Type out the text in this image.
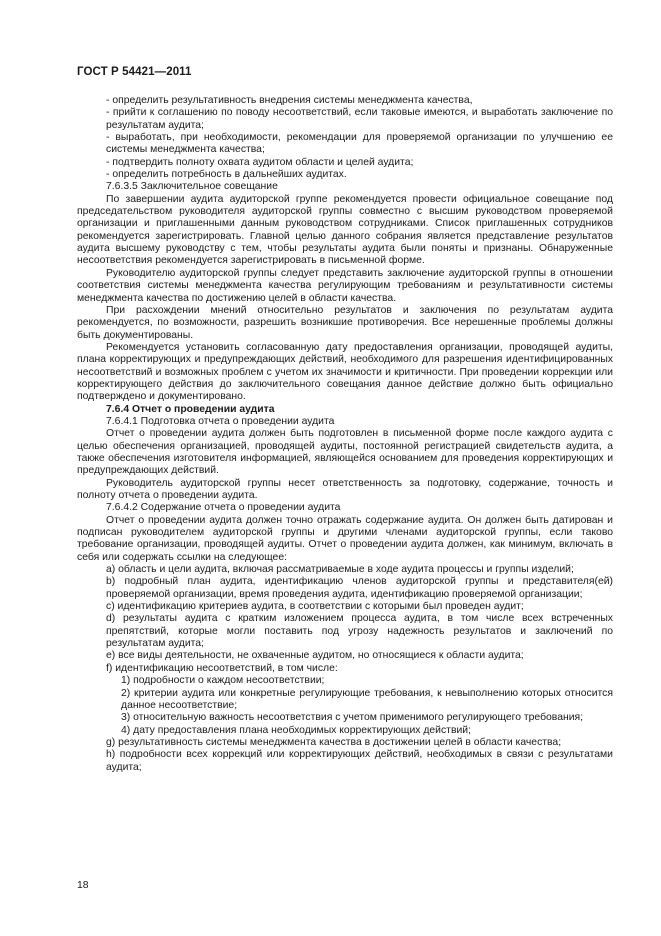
ГОСТ Р 54421—2011

- определить результативность внедрения системы менеджмента качества,

- прийти к соглашению по поводу несоответствий, если таковые имеются, и выработать заключение по результатам аудита;

- выработать, при необходимости, рекомендации для проверяемой организации по улучшению ее системы менеджмента качества;

- подтвердить полноту охвата аудитом области и целей аудита;

- определить потребность в дальнейших аудитах.

7.6.3.5 Заключительное совещание

По завершении аудита аудиторской группе рекомендуется провести официальное совещание под председательством руководителя аудиторской группы совместно с высшим руководством проверяемой организации и приглашенными данным руководством сотрудниками. Список приглашенных сотрудников рекомендуется зарегистрировать. Главной целью данного собрания является представление результатов аудита высшему руководству с тем, чтобы результаты аудита были поняты и признаны. Обнаруженные несоответствия рекомендуется зарегистрировать в письменной форме.

Руководителю аудиторской группы следует представить заключение аудиторской группы в отношении соответствия системы менеджмента качества регулирующим требованиям и результативности системы менеджмента качества по достижению целей в области качества.

При расхождении мнений относительно результатов и заключения по результатам аудита рекомендуется, по возможности, разрешить возникшие противоречия. Все нерешенные проблемы должны быть документированы.

Рекомендуется установить согласованную дату предоставления организации, проводящей аудиты, плана корректирующих и предупреждающих действий, необходимого для разрешения идентифицированных несоответствий и возможных проблем с учетом их значимости и критичности. При проведении коррекции или корректирующего действия до заключительного совещания данное действие должно быть официально подтверждено и документировано.

7.6.4 Отчет о проведении аудита

7.6.4.1 Подготовка отчета о проведении аудита

Отчет о проведении аудита должен быть подготовлен в письменной форме после каждого аудита с целью обеспечения организацией, проводящей аудиты, постоянной регистрацией свидетельств аудита, а также обеспечения изготовителя информацией, являющейся основанием для проведения корректирующих и предупреждающих действий.

Руководитель аудиторской группы несет ответственность за подготовку, содержание, точность и полноту отчета о проведении аудита.

7.6.4.2 Содержание отчета о проведении аудита

Отчет о проведении аудита должен точно отражать содержание аудита. Он должен быть датирован и подписан руководителем аудиторской группы и другими членами аудиторской группы, если таково требование организации, проводящей аудиты. Отчет о проведении аудита должен, как минимум, включать в себя или содержать ссылки на следующее:

a) область и цели аудита, включая рассматриваемые в ходе аудита процессы и группы изделий;

b) подробный план аудита, идентификацию членов аудиторской группы и представителя(ей) проверяемой организации, время проведения аудита, идентификацию проверяемой организации;

c) идентификацию критериев аудита, в соответствии с которыми был проведен аудит;

d) результаты аудита с кратким изложением процесса аудита, в том числе всех встреченных препятствий, которые могли поставить под угрозу надежность результатов и заключений по результатам аудита;

e) все виды деятельности, не охваченные аудитом, но относящиеся к области аудита;

f) идентификацию несоответствий, в том числе:

1) подробности о каждом несоответствии;

2) критерии аудита или конкретные регулирующие требования, к невыполнению которых относится данное несоответствие;

3) относительную важность несоответствия с учетом применимого регулирующего требования;

4) дату предоставления плана необходимых корректирующих действий;

g) результативность системы менеджмента качества в достижении целей в области качества;

h) подробности всех коррекций или корректирующих действий, необходимых в связи с результатами аудита;

18
